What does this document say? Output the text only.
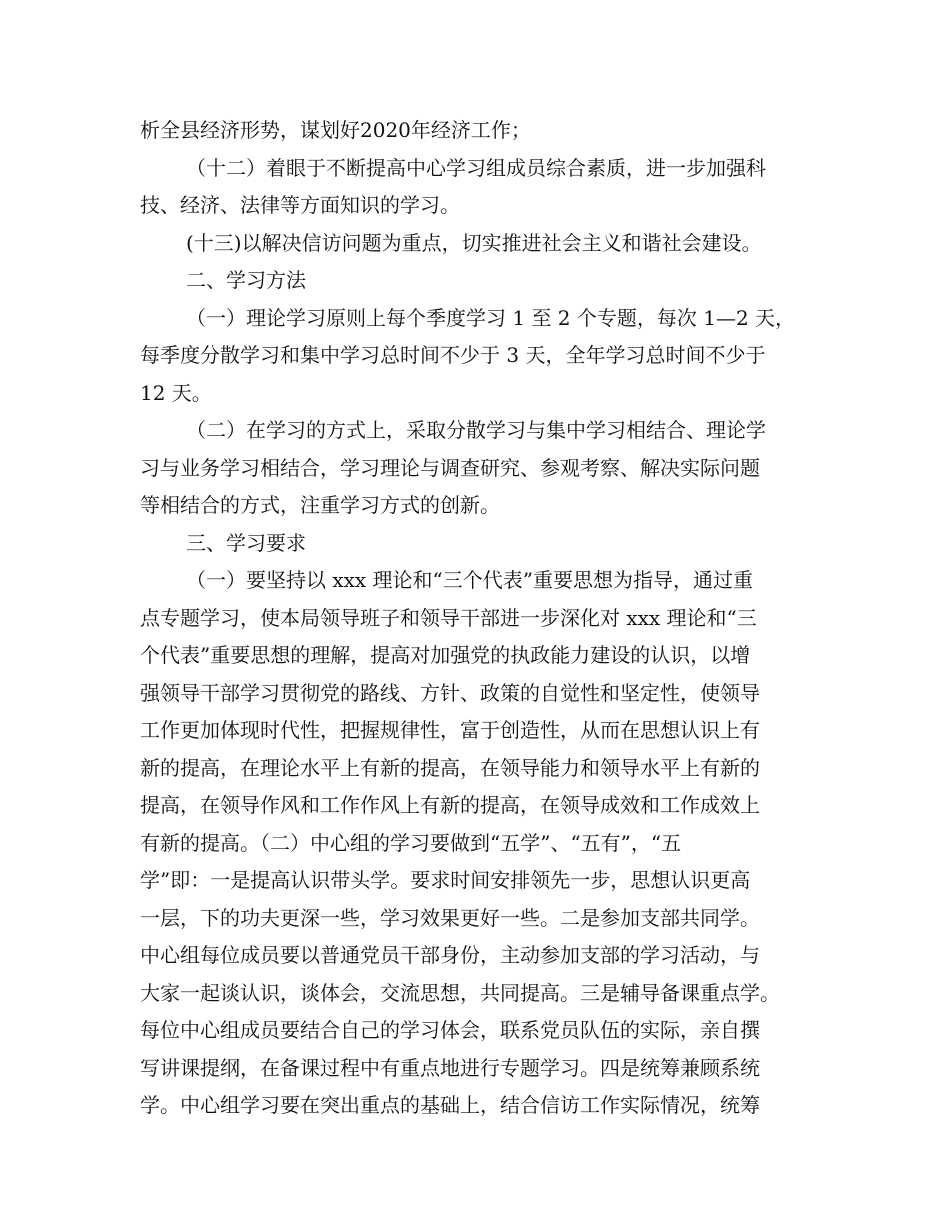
析全县经济形势，谋划好2020年经济工作；
（十二）着眼于不断提高中心学习组成员综合素质，进一步加强科
技、经济、法律等方面知识的学习。
(十三)以解决信访问题为重点，切实推进社会主义和谐社会建设。
二、学习方法
（一）理论学习原则上每个季度学习 1 至 2 个专题，每次 1—2 天，
每季度分散学习和集中学习总时间不少于 3 天，全年学习总时间不少于
12 天。
（二）在学习的方式上，采取分散学习与集中学习相结合、理论学
习与业务学习相结合，学习理论与调查研究、参观考察、解决实际问题
等相结合的方式，注重学习方式的创新。
三、学习要求
（一）要坚持以 xxx 理论和“三个代表”重要思想为指导，通过重
点专题学习，使本局领导班子和领导干部进一步深化对 xxx 理论和“三
个代表”重要思想的理解，提高对加强党的执政能力建设的认识，以增
强领导干部学习贯彻党的路线、方针、政策的自觉性和坚定性，使领导
工作更加体现时代性，把握规律性，富于创造性，从而在思想认识上有
新的提高，在理论水平上有新的提高，在领导能力和领导水平上有新的
提高，在领导作风和工作作风上有新的提高，在领导成效和工作成效上
有新的提高。（二）中心组的学习要做到“五学”、“五有”，“五
学”即：一是提高认识带头学。要求时间安排领先一步，思想认识更高
一层，下的功夫更深一些，学习效果更好一些。二是参加支部共同学。
中心组每位成员要以普通党员干部身份，主动参加支部的学习活动，与
大家一起谈认识，谈体会，交流思想，共同提高。三是辅导备课重点学。
每位中心组成员要结合自己的学习体会，联系党员队伍的实际，亲自撰
写讲课提纲，在备课过程中有重点地进行专题学习。四是统筹兼顾系统
学。中心组学习要在突出重点的基础上，结合信访工作实际情况，统筹
